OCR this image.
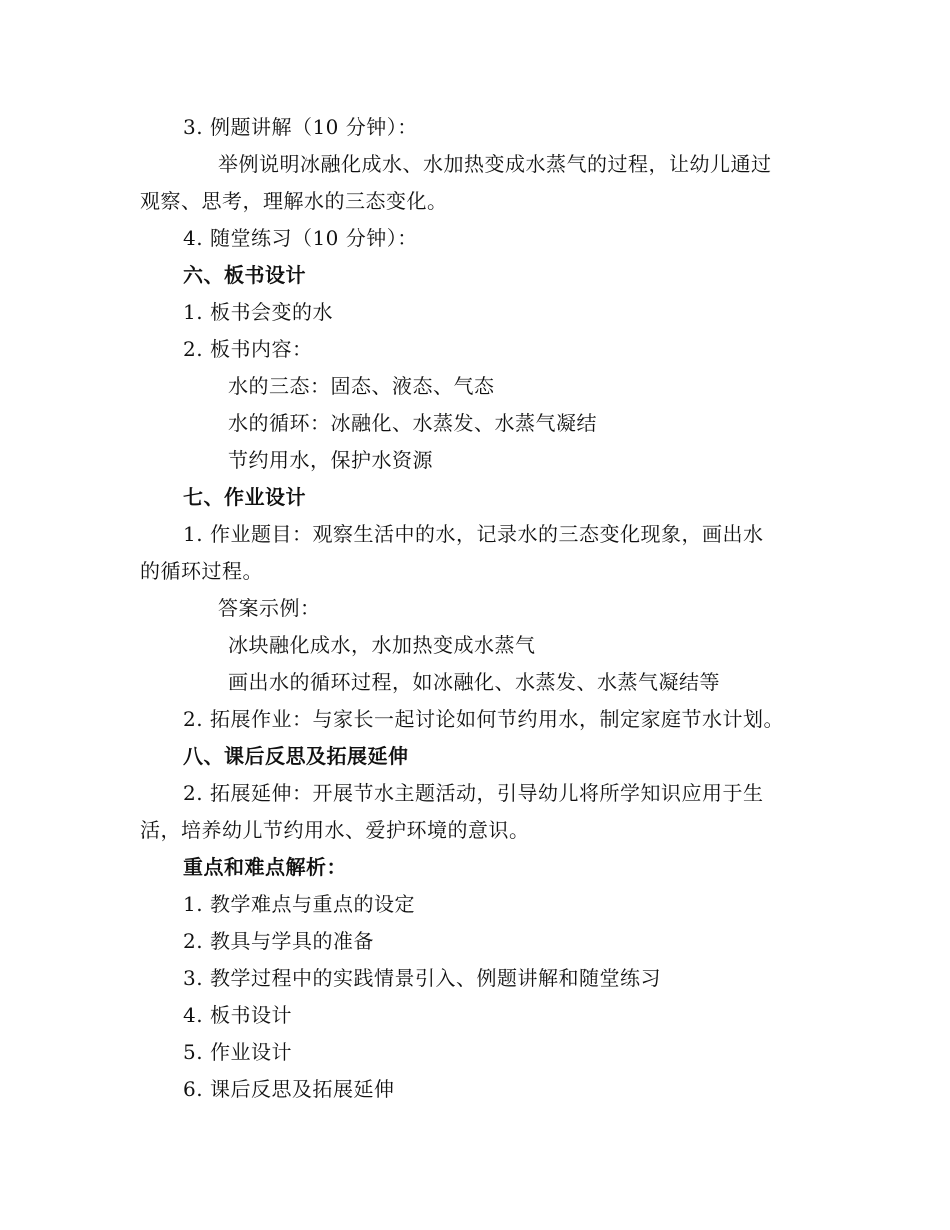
3. 例题讲解（10 分钟）：
举例说明冰融化成水、水加热变成水蒸气的过程，让幼儿通过
观察、思考，理解水的三态变化。
4. 随堂练习（10 分钟）：
六、板书设计
1. 板书会变的水
2. 板书内容：
水的三态：固态、液态、气态
水的循环：冰融化、水蒸发、水蒸气凝结
节约用水，保护水资源
七、作业设计
1. 作业题目：观察生活中的水，记录水的三态变化现象，画出水
的循环过程。
答案示例：
冰块融化成水，水加热变成水蒸气
画出水的循环过程，如冰融化、水蒸发、水蒸气凝结等
2. 拓展作业：与家长一起讨论如何节约用水，制定家庭节水计划。
八、课后反思及拓展延伸
2. 拓展延伸：开展节水主题活动，引导幼儿将所学知识应用于生
活，培养幼儿节约用水、爱护环境的意识。
重点和难点解析：
1. 教学难点与重点的设定
2. 教具与学具的准备
3. 教学过程中的实践情景引入、例题讲解和随堂练习
4. 板书设计
5. 作业设计
6. 课后反思及拓展延伸
